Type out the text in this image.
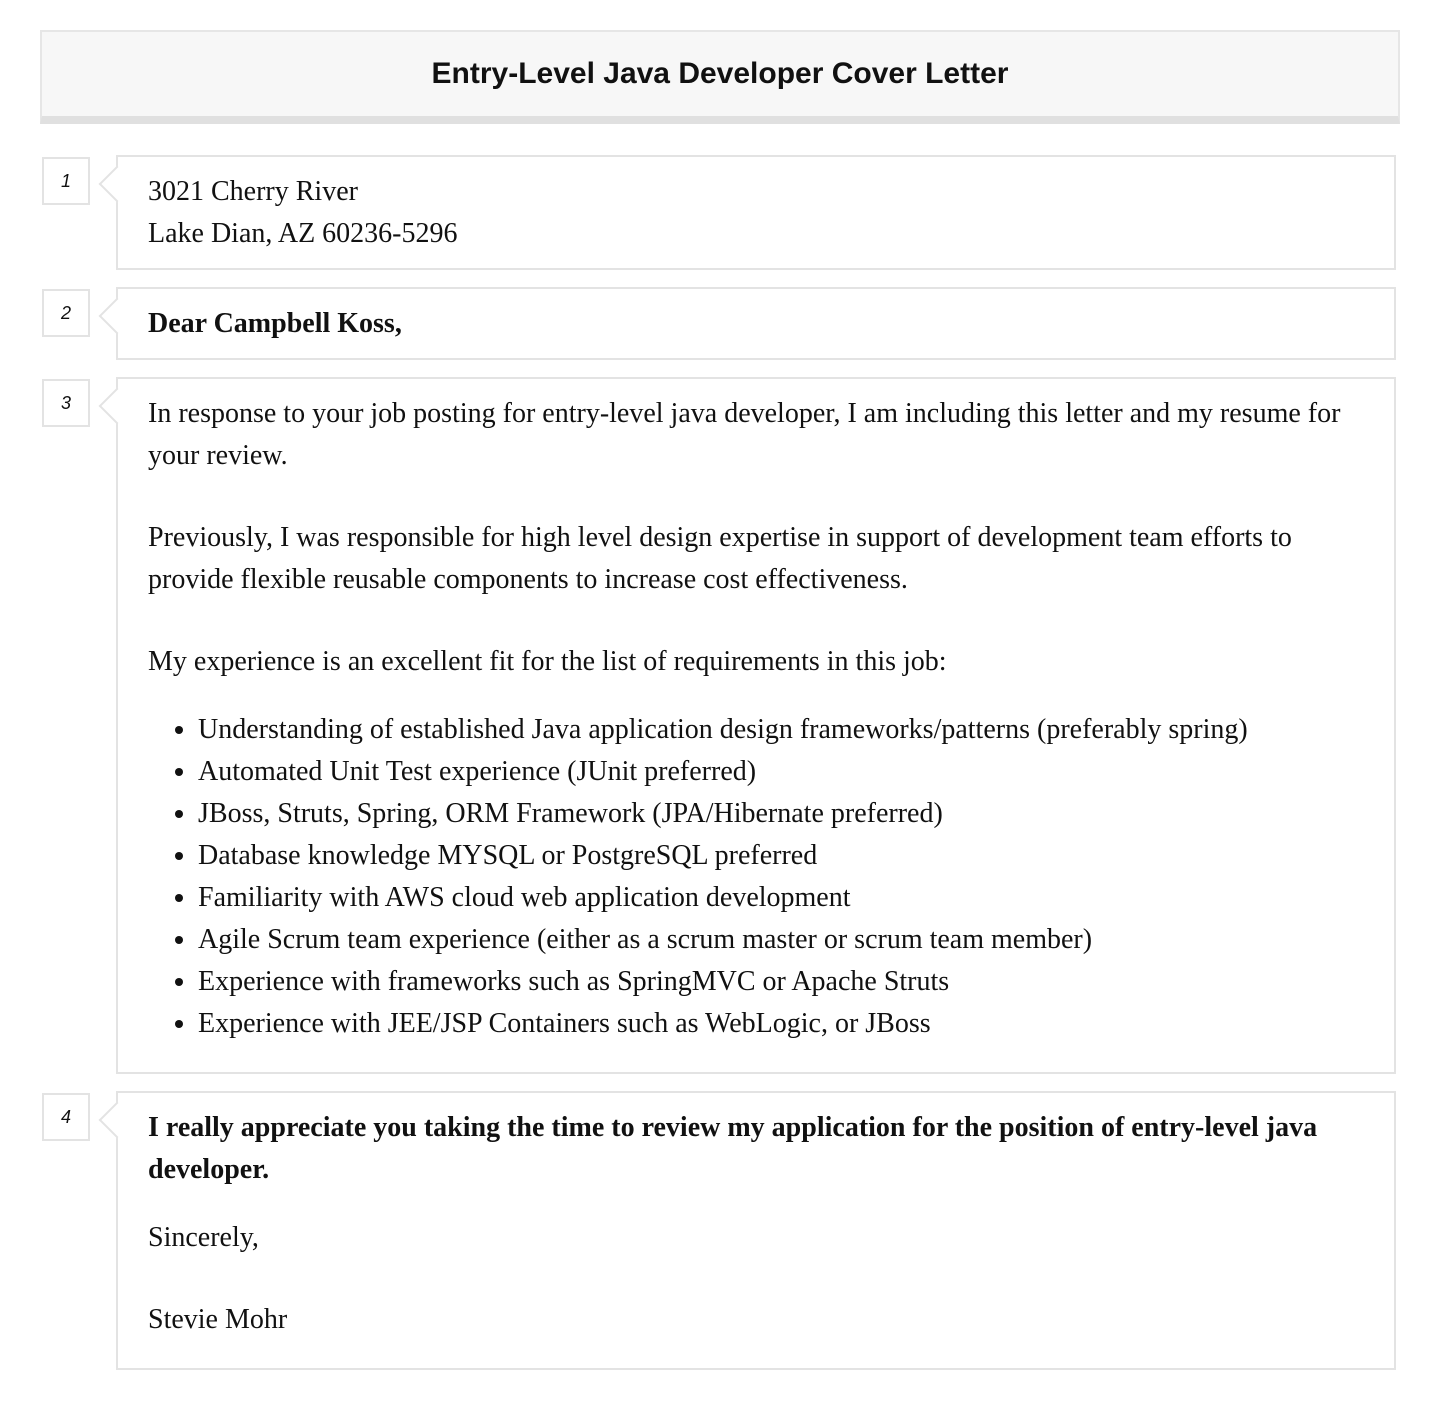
Entry-Level Java Developer Cover Letter
1	3021 Cherry River
Lake Dian, AZ 60236-5296
2	Dear Campbell Koss,
3	In response to your job posting for entry-level java developer, I am including this letter and my resume for your review.

Previously, I was responsible for high level design expertise in support of development team efforts to provide flexible reusable components to increase cost effectiveness.

My experience is an excellent fit for the list of requirements in this job:

• Understanding of established Java application design frameworks/patterns (preferably spring)
• Automated Unit Test experience (JUnit preferred)
• JBoss, Struts, Spring, ORM Framework (JPA/Hibernate preferred)
• Database knowledge MYSQL or PostgreSQL preferred
• Familiarity with AWS cloud web application development
• Agile Scrum team experience (either as a scrum master or scrum team member)
• Experience with frameworks such as SpringMVC or Apache Struts
• Experience with JEE/JSP Containers such as WebLogic, or JBoss
4	I really appreciate you taking the time to review my application for the position of entry-level java developer.

Sincerely,

Stevie Mohr
